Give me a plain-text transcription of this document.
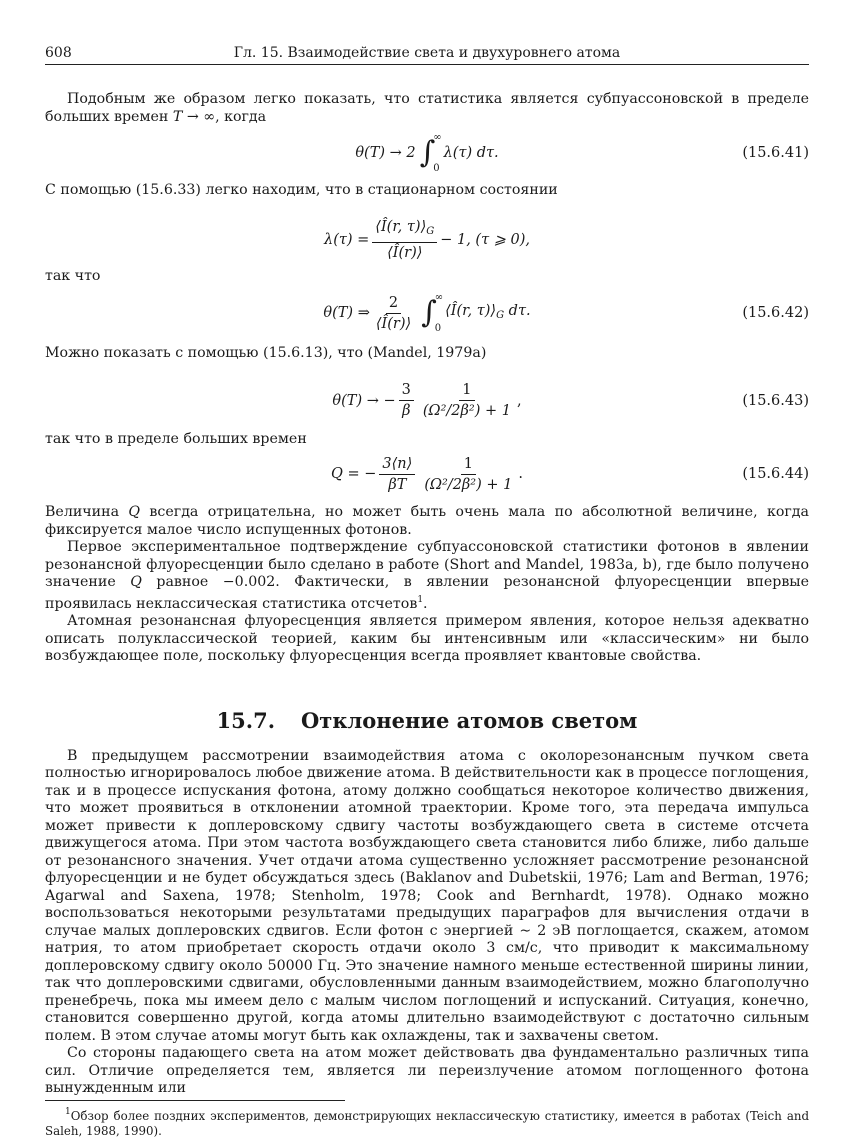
608	Гл. 15. Взаимодействие света и двухуровнего атома

Подобным же образом легко показать, что статистика является субпуассоновской в пределе больших времен T → ∞, когда

θ(T) → 2 ∫
∞
0
λ(τ) dτ.	(15.6.41)

С помощью (15.6.33) легко находим, что в стационарном состоянии

$\lambda(\tau) = \frac{⟨Î(r, \tau)⟩_G}{⟨Î(r)⟩} - 1$, (τ ⩾ 0),

так что

θ(T) ⇒ $\frac{2}{⟨Î(r)⟩}$ ∫
∞
0
⟨Î(r, $\tau)⟩_G$ dτ.	(15.6.42)

Можно показать с помощью (15.6.13), что (Mandel, 1979a)

θ(T) → − $\frac{3}{\beta} \frac{1}{\text{(Ω²/2β²) + 1}}$ ,	(15.6.43)

так что в пределе больших времен

Q = − $\frac{3⟨n⟩}{\beta T} \frac{1}{\text{(Ω²/2β²) + 1}}$ .	(15.6.44)

Величина Q всегда отрицательна, но может быть очень мала по абсолютной величине, когда фиксируется малое число испущенных фотонов.

Первое экспериментальное подтверждение субпуассоновской статистики фотонов в явлении резонансной флуоресценции было сделано в работе (Short and Mandel, 1983a, b), где было получено значение Q равное −0.002. Фактически, в явлении резонансной флуоресценции впервые проявилась неклассическая статистика отсчетов$^1$.

Атомная резонансная флуоресценция является примером явления, которое нельзя адекватно описать полуклассической теорией, каким бы интенсивным или «классическим» ни было возбуждающее поле, поскольку флуоресценция всегда проявляет квантовые свойства.

15.7. Отклонение атомов светом

В предыдущем рассмотрении взаимодействия атома с околорезонансным пучком света полностью игнорировалось любое движение атома. В действительности как в процессе поглощения, так и в процессе испускания фотона, атому должно сообщаться некоторое количество движения, что может проявиться в отклонении атомной траектории. Кроме того, эта передача импульса может привести к доплеровскому сдвигу частоты возбуждающего света в системе отсчета движущегося атома. При этом частота возбуждающего света становится либо ближе, либо дальше от резонансного значения. Учет отдачи атома существенно усложняет рассмотрение резонансной флуоресценции и не будет обсуждаться здесь (Baklanov and Dubetskii, 1976; Lam and Berman, 1976; Agarwal and Saxena, 1978; Stenholm, 1978; Cook and Bernhardt, 1978). Однако можно воспользоваться некоторыми результатами предыдущих параграфов для вычисления отдачи в случае малых доплеровских сдвигов. Если фотон с энергией ∼ 2 эВ поглощается, скажем, атомом натрия, то атом приобретает скорость отдачи около 3 см/с, что приводит к максимальному доплеровскому сдвигу около 50000 Гц. Это значение намного меньше естественной ширины линии, так что доплеровскими сдвигами, обусловленными данным взаимодействием, можно благополучно пренебречь, пока мы имеем дело с малым числом поглощений и испусканий. Ситуация, конечно, становится совершенно другой, когда атомы длительно взаимодействуют с достаточно сильным полем. В этом случае атомы могут быть как охлаждены, так и захвачены светом.

Со стороны падающего света на атом может действовать два фундаментально различных типа сил. Отличие определяется тем, является ли переизлучение атомом поглощенного фотона вынужденным или

$^1$Обзор более поздних экспериментов, демонстрирующих неклассическую статистику, имеется в работах (Teich and Saleh, 1988, 1990).
